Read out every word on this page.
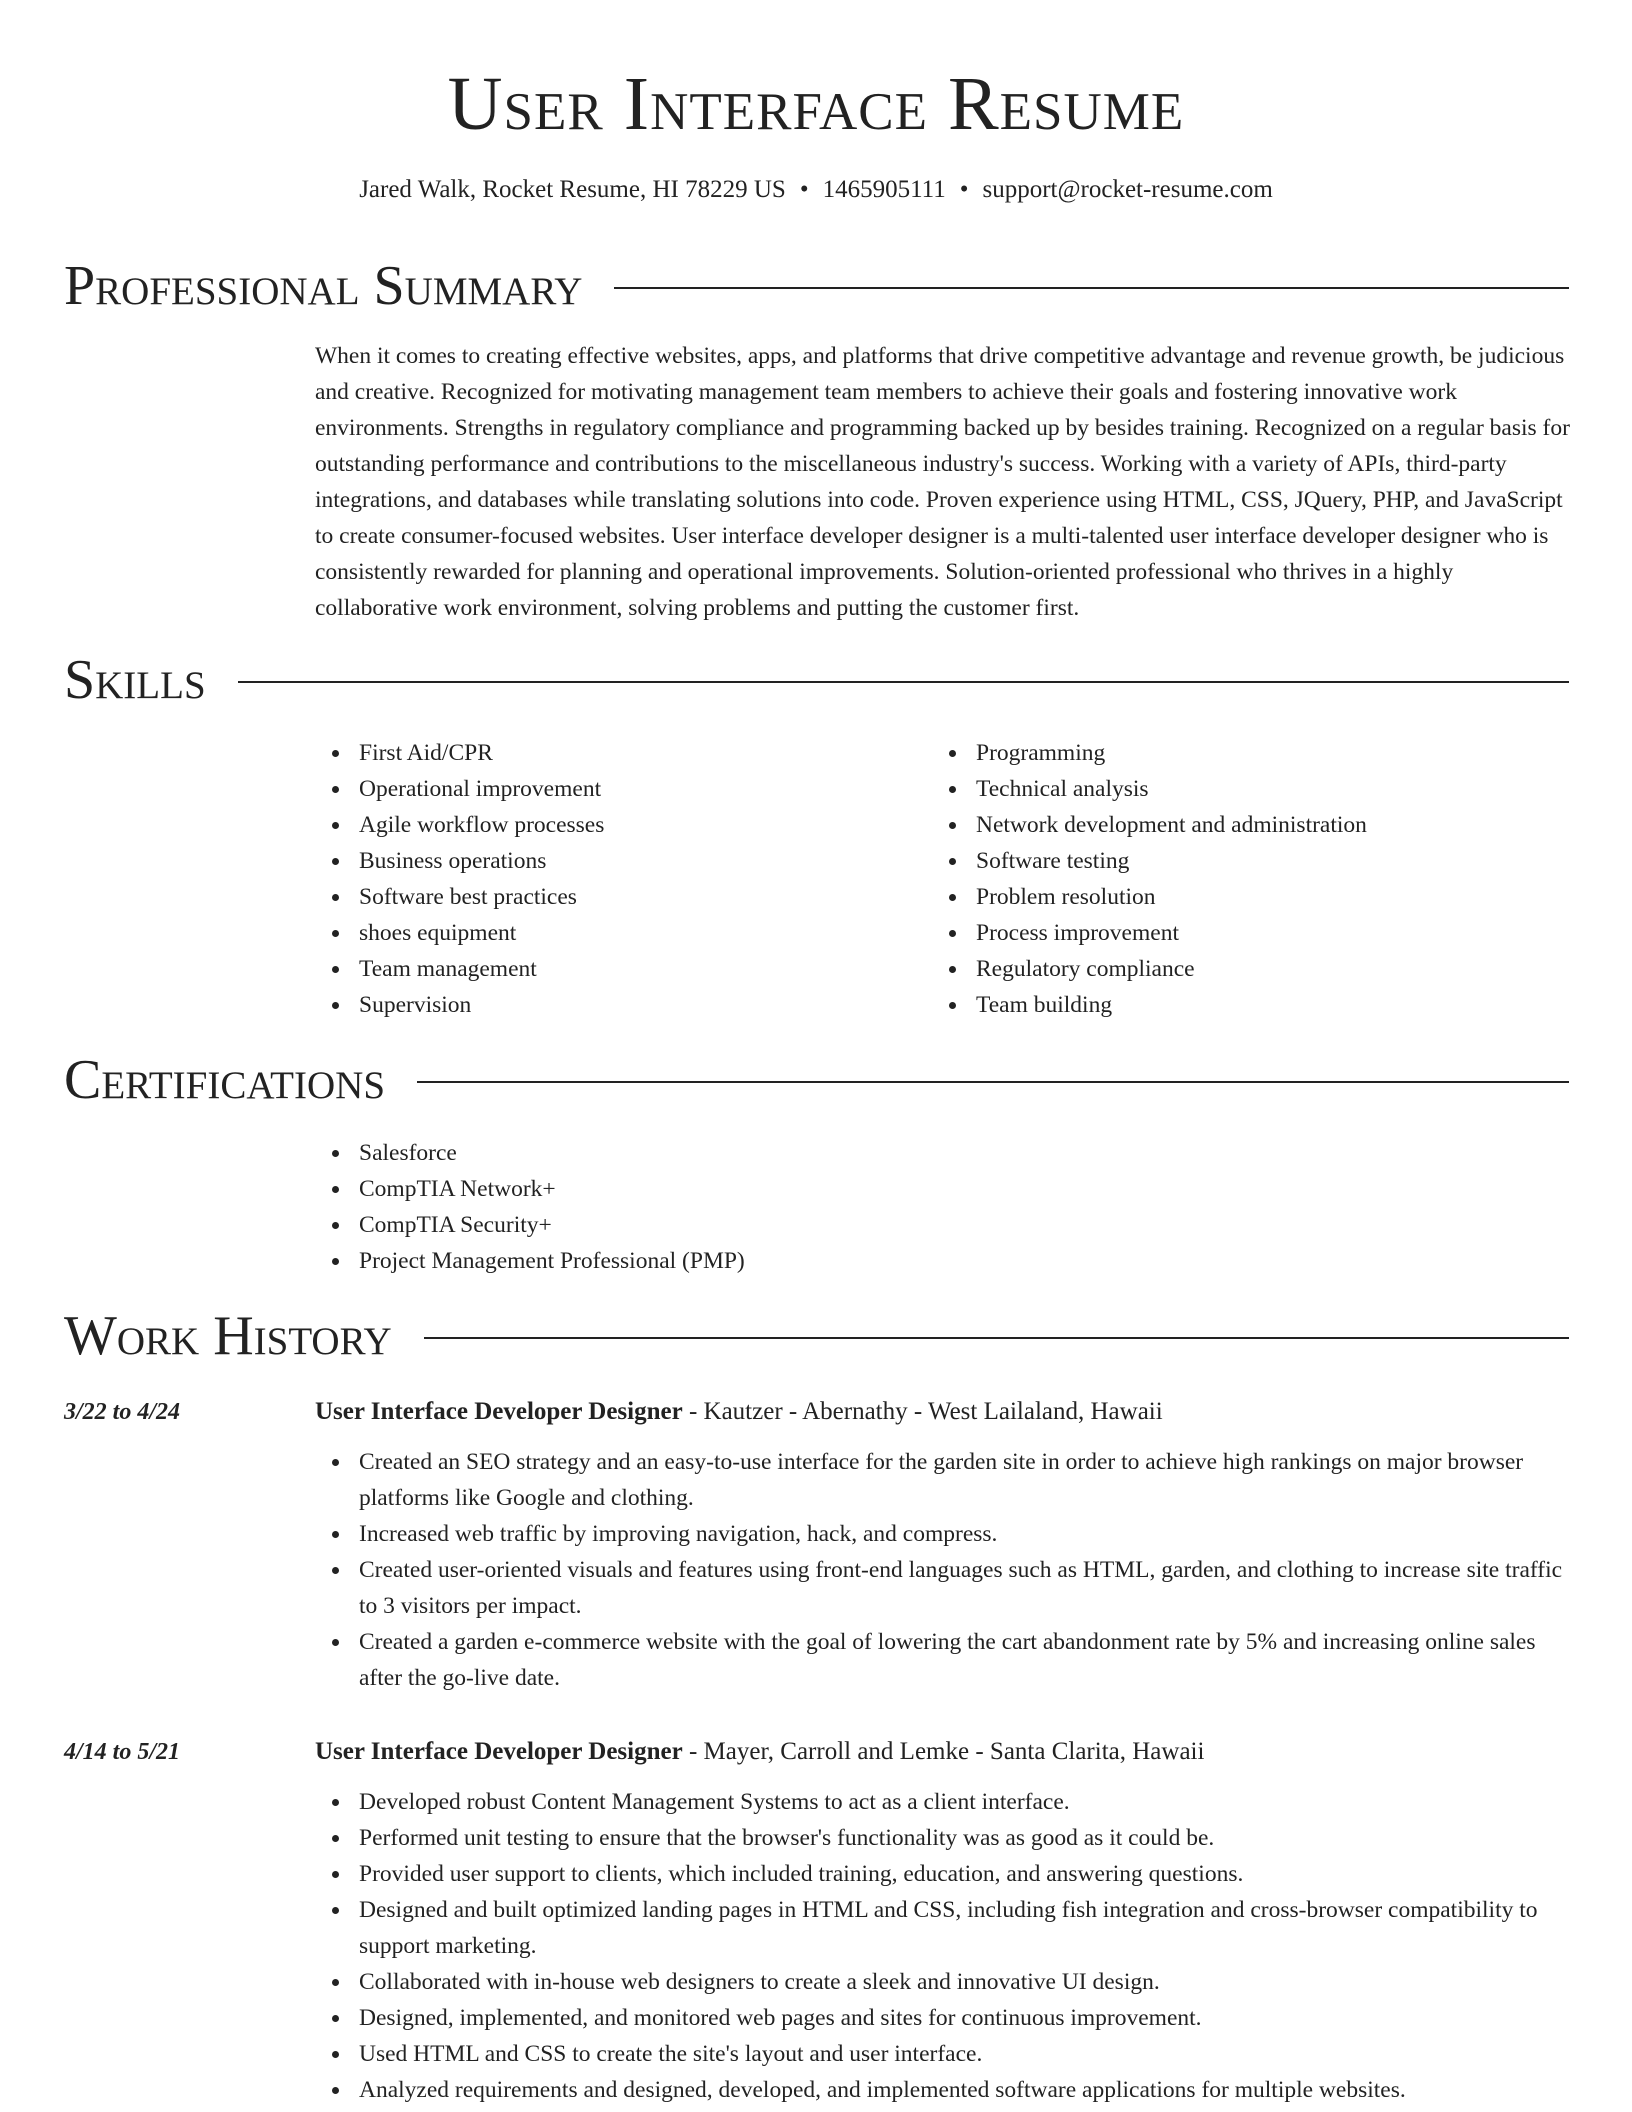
User Interface Resume
Jared Walk, Rocket Resume, HI 78229 US • 1465905111 • support@rocket-resume.com
Professional Summary

When it comes to creating effective websites, apps, and platforms that drive competitive advantage and revenue growth, be judicious and creative. Recognized for motivating management team members to achieve their goals and fostering innovative work environments. Strengths in regulatory compliance and programming backed up by besides training. Recognized on a regular basis for outstanding performance and contributions to the miscellaneous industry's success. Working with a variety of APIs, third-party integrations, and databases while translating solutions into code. Proven experience using HTML, CSS, JQuery, PHP, and JavaScript to create consumer-focused websites. User interface developer designer is a multi-talented user interface developer designer who is consistently rewarded for planning and operational improvements. Solution-oriented professional who thrives in a highly collaborative work environment, solving problems and putting the customer first.

Skills
First Aid/CPR
Operational improvement
Agile workflow processes
Business operations
Software best practices
shoes equipment
Team management
Supervision
Programming
Technical analysis
Network development and administration
Software testing
Problem resolution
Process improvement
Regulatory compliance
Team building
Certifications
Salesforce
CompTIA Network+
CompTIA Security+
Project Management Professional (PMP)
Work History
3/22 to 4/24	User Interface Developer Designer - Kautzer - Abernathy - West Lailaland, Hawaii
Created an SEO strategy and an easy-to-use interface for the garden site in order to achieve high rankings on major browser platforms like Google and clothing.
Increased web traffic by improving navigation, hack, and compress.
Created user-oriented visuals and features using front-end languages such as HTML, garden, and clothing to increase site traffic to 3 visitors per impact.
Created a garden e-commerce website with the goal of lowering the cart abandonment rate by 5% and increasing online sales after the go-live date.
4/14 to 5/21	User Interface Developer Designer - Mayer, Carroll and Lemke - Santa Clarita, Hawaii
Developed robust Content Management Systems to act as a client interface.
Performed unit testing to ensure that the browser's functionality was as good as it could be.
Provided user support to clients, which included training, education, and answering questions.
Designed and built optimized landing pages in HTML and CSS, including fish integration and cross-browser compatibility to support marketing.
Collaborated with in-house web designers to create a sleek and innovative UI design.
Designed, implemented, and monitored web pages and sites for continuous improvement.
Used HTML and CSS to create the site's layout and user interface.
Analyzed requirements and designed, developed, and implemented software applications for multiple websites.
